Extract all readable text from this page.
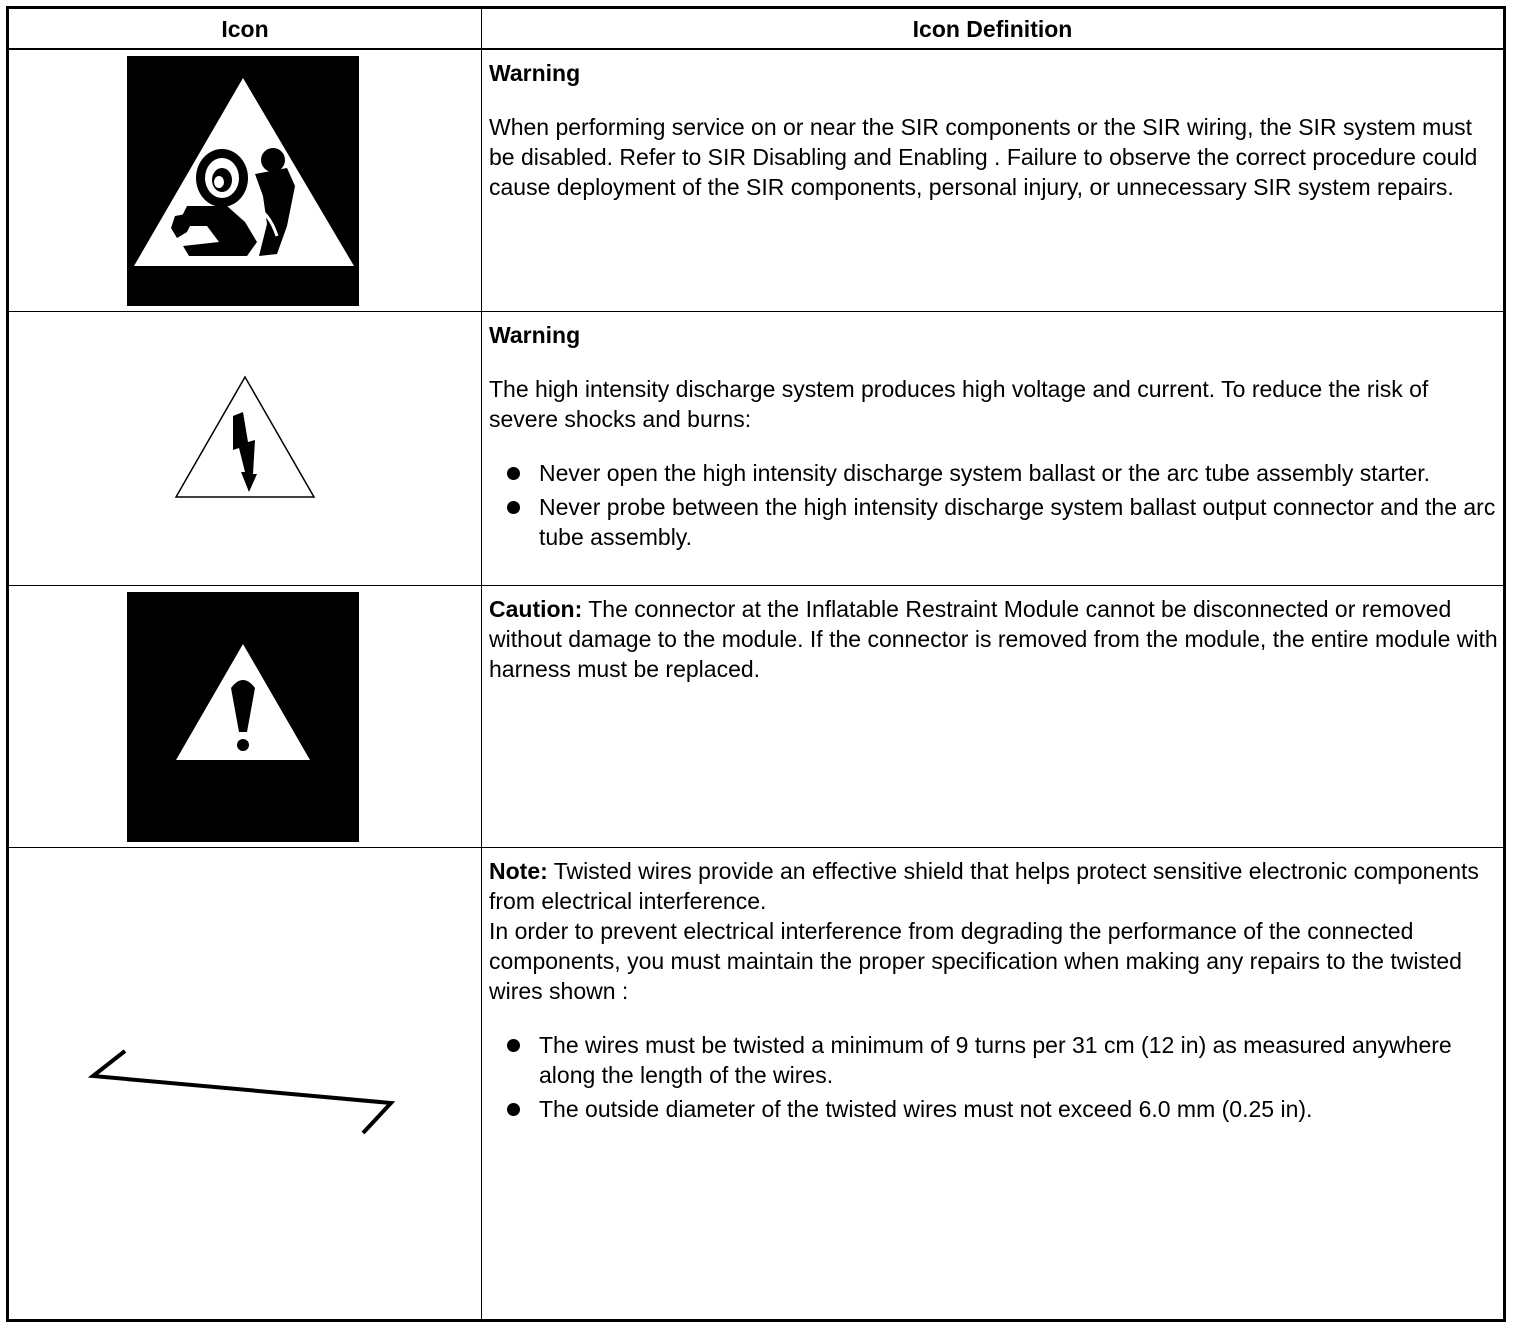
Icon	Icon Definition

Warning

When performing service on or near the SIR components or the SIR wiring, the SIR system must be disabled. Refer to SIR Disabling and Enabling . Failure to observe the correct procedure could cause deployment of the SIR components, personal injury, or unnecessary SIR system repairs.

Warning

The high intensity discharge system produces high voltage and current. To reduce the risk of severe shocks and burns:

Never open the high intensity discharge system ballast or the arc tube assembly starter.
Never probe between the high intensity discharge system ballast output connector and the arc tube assembly.

Caution: The connector at the Inflatable Restraint Module cannot be disconnected or removed without damage to the module. If the connector is removed from the module, the entire module with harness must be replaced.

Note: Twisted wires provide an effective shield that helps protect sensitive electronic components from electrical interference.

In order to prevent electrical interference from degrading the performance of the connected components, you must maintain the proper specification when making any repairs to the twisted wires shown :

The wires must be twisted a minimum of 9 turns per 31 cm (12 in) as measured anywhere along the length of the wires.
The outside diameter of the twisted wires must not exceed 6.0 mm (0.25 in).
